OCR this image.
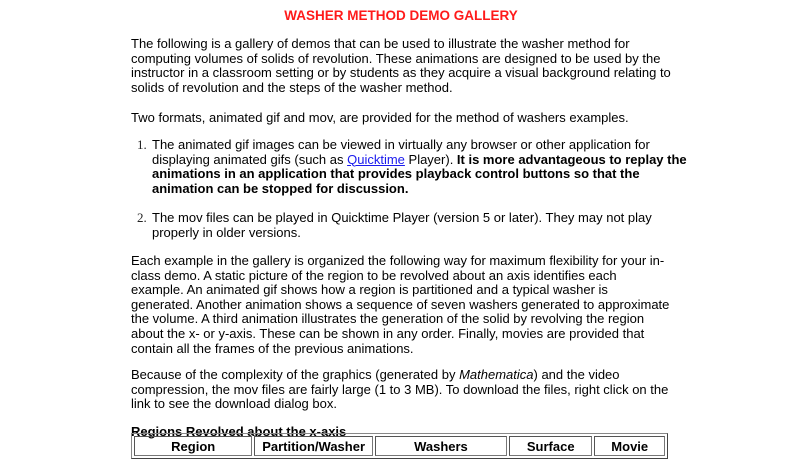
WASHER METHOD DEMO GALLERY

The following is a gallery of demos that can be used to illustrate the washer method for computing volumes of solids of revolution. These animations are designed to be used by the instructor in a classroom setting or by students as they acquire a visual background relating to solids of revolution and the steps of the washer method.

Two formats, animated gif and mov, are provided for the method of washers examples.

1. The animated gif images can be viewed in virtually any browser or other application for displaying animated gifs (such as Quicktime Player). It is more advantageous to replay the animations in an application that provides playback control buttons so that the animation can be stopped for discussion.
2. The mov files can be played in Quicktime Player (version 5 or later). They may not play properly in older versions.

Each example in the gallery is organized the following way for maximum flexibility for your in-class demo. A static picture of the region to be revolved about an axis identifies each example. An animated gif shows how a region is partitioned and a typical washer is generated. Another animation shows a sequence of seven washers generated to approximate the volume. A third animation illustrates the generation of the solid by revolving the region about the x- or y-axis. These can be shown in any order. Finally, movies are provided that contain all the frames of the previous animations.

Because of the complexity of the graphics (generated by Mathematica) and the video compression, the mov files are fairly large (1 to 3 MB). To download the files, right click on the link to see the download dialog box.

Regions Revolved about the x-axis
Region	Partition/Washer	Washers	Surface	Movie
